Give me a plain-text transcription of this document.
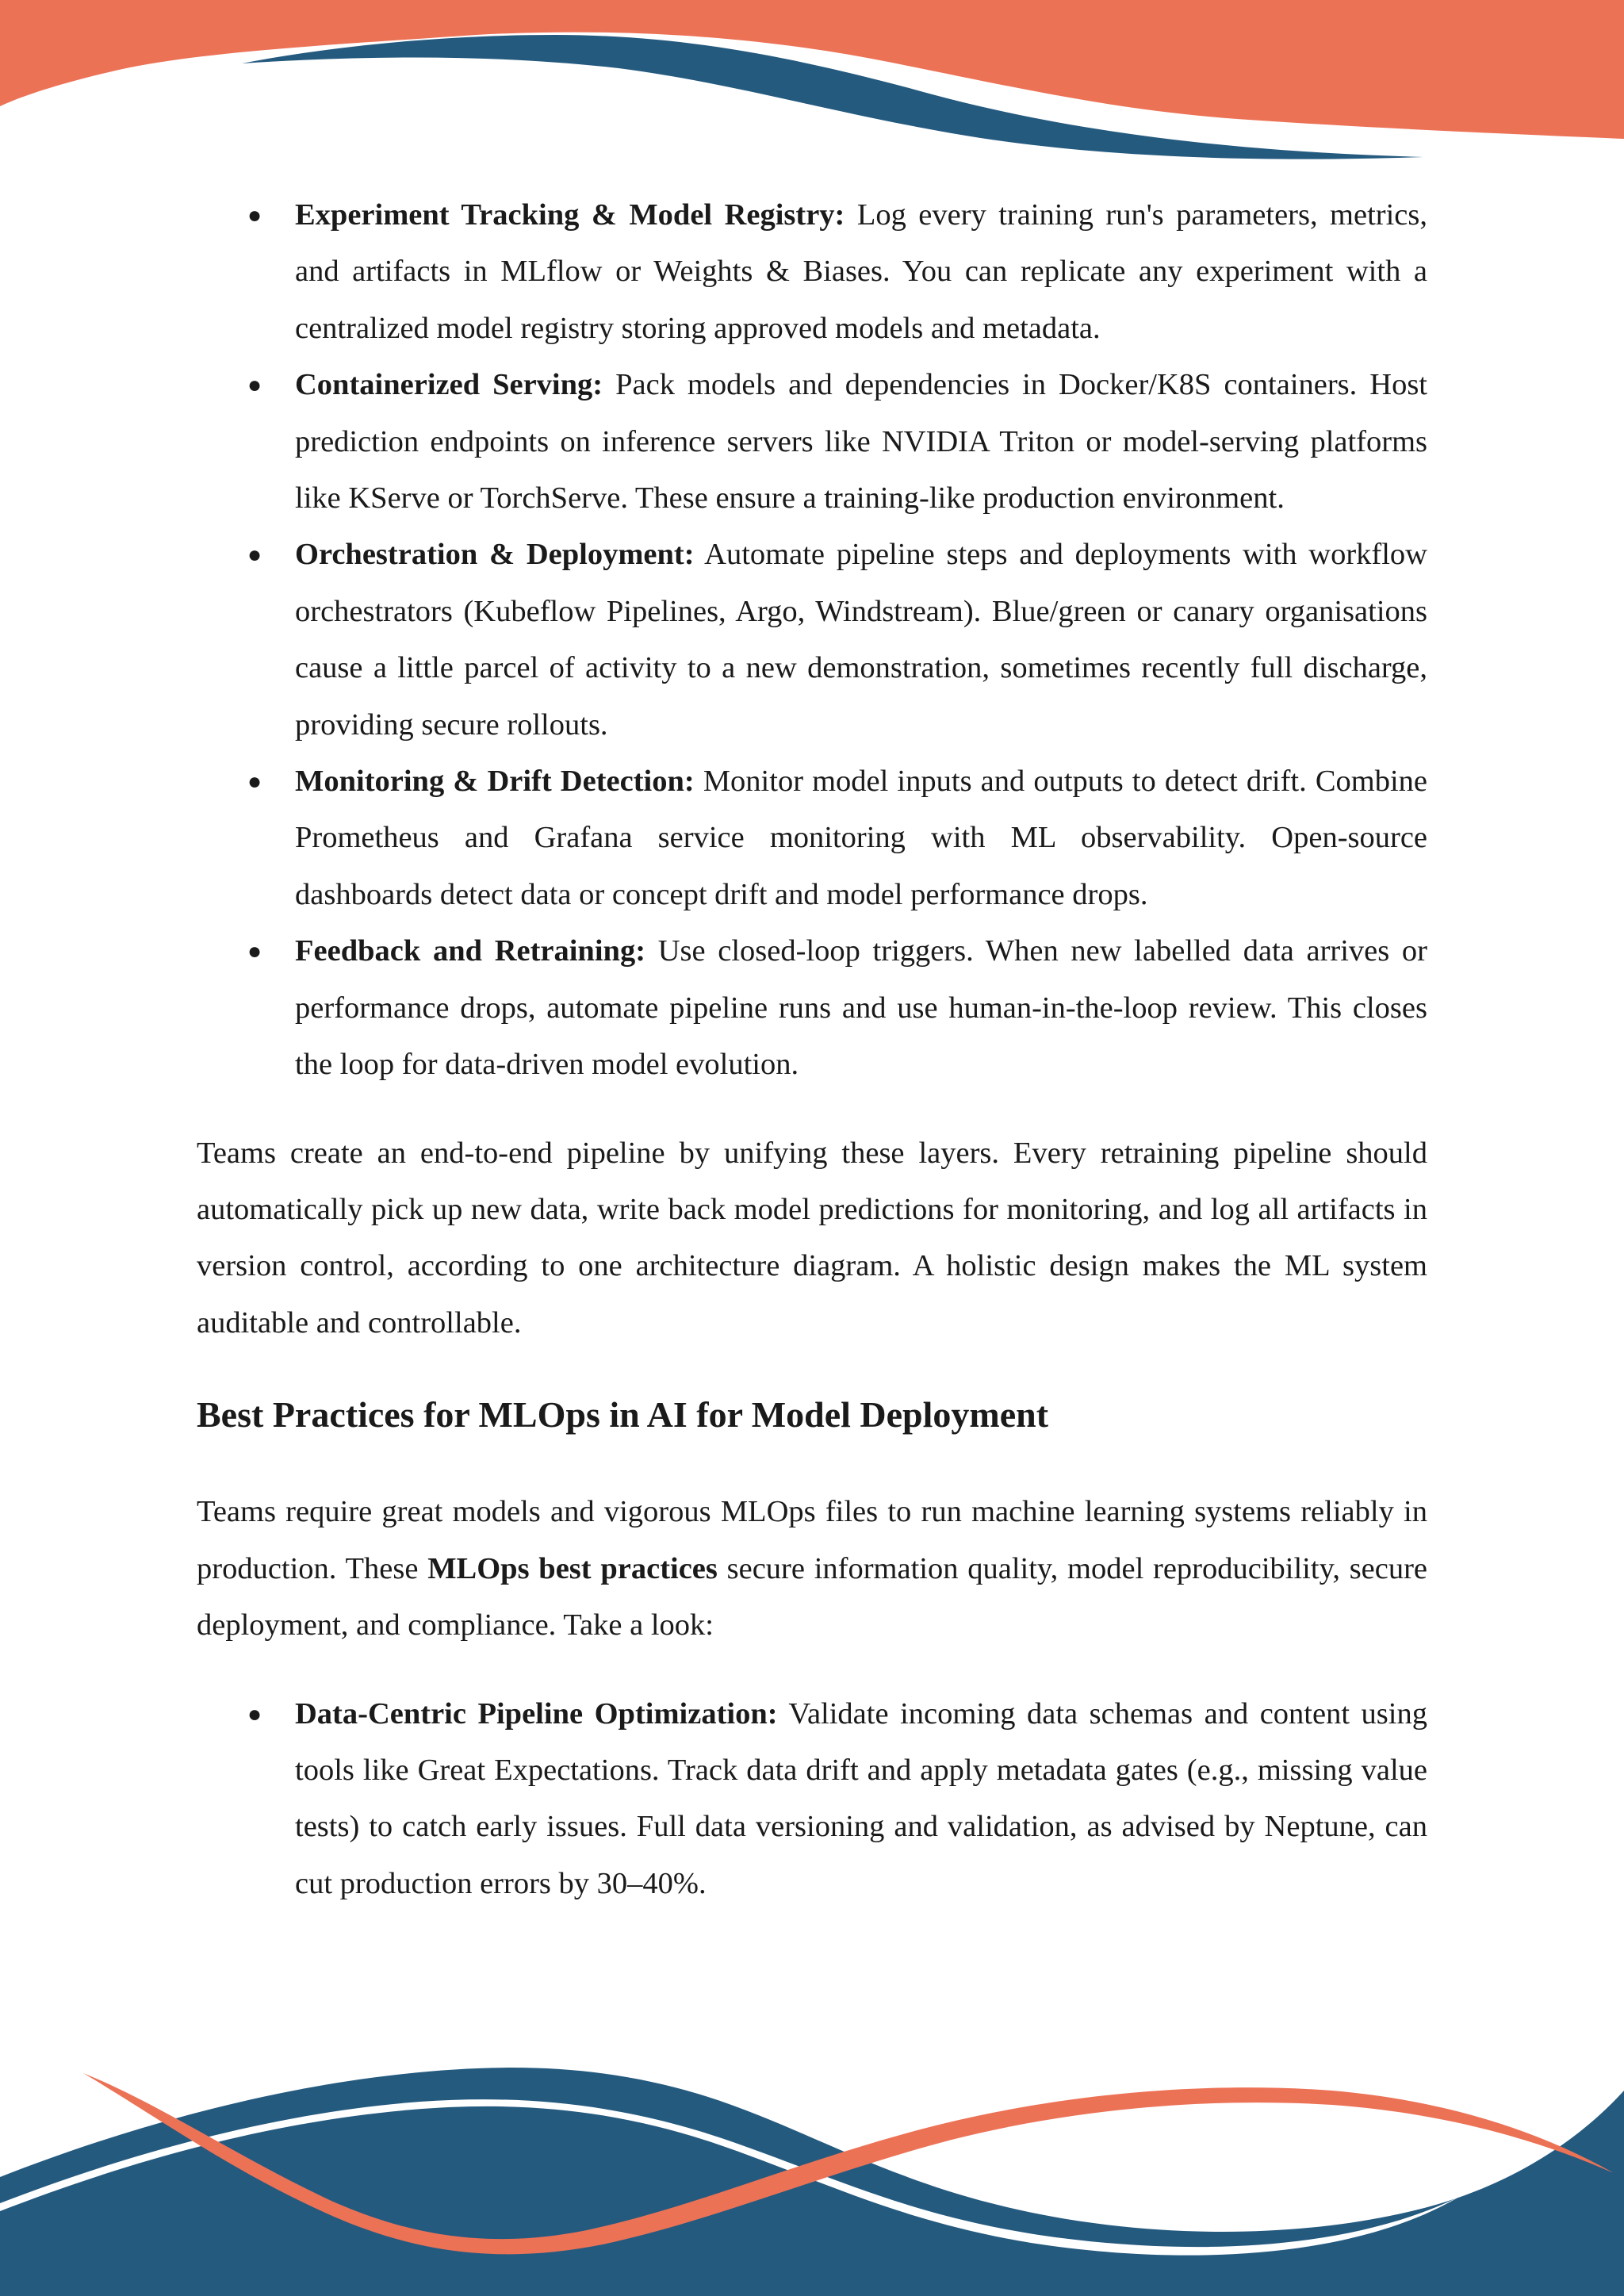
● Experiment Tracking & Model Registry: Log every training run's parameters, metrics, and artifacts in MLflow or Weights & Biases. You can replicate any experiment with a centralized model registry storing approved models and metadata.
● Containerized Serving: Pack models and dependencies in Docker/K8S containers. Host prediction endpoints on inference servers like NVIDIA Triton or model-serving platforms like KServe or TorchServe. These ensure a training-like production environment.
● Orchestration & Deployment: Automate pipeline steps and deployments with workflow orchestrators (Kubeflow Pipelines, Argo, Windstream). Blue/green or canary organisations cause a little parcel of activity to a new demonstration, sometimes recently full discharge, providing secure rollouts.
● Monitoring & Drift Detection: Monitor model inputs and outputs to detect drift. Combine Prometheus and Grafana service monitoring with ML observability. Open-source dashboards detect data or concept drift and model performance drops.
● Feedback and Retraining: Use closed-loop triggers. When new labelled data arrives or performance drops, automate pipeline runs and use human-in-the-loop review. This closes the loop for data-driven model evolution.

Teams create an end-to-end pipeline by unifying these layers. Every retraining pipeline should automatically pick up new data, write back model predictions for monitoring, and log all artifacts in version control, according to one architecture diagram. A holistic design makes the ML system auditable and controllable.

Best Practices for MLOps in AI for Model Deployment

Teams require great models and vigorous MLOps files to run machine learning systems reliably in production. These MLOps best practices secure information quality, model reproducibility, secure deployment, and compliance. Take a look:

● Data-Centric Pipeline Optimization: Validate incoming data schemas and content using tools like Great Expectations. Track data drift and apply metadata gates (e.g., missing value tests) to catch early issues. Full data versioning and validation, as advised by Neptune, can cut production errors by 30–40%.
